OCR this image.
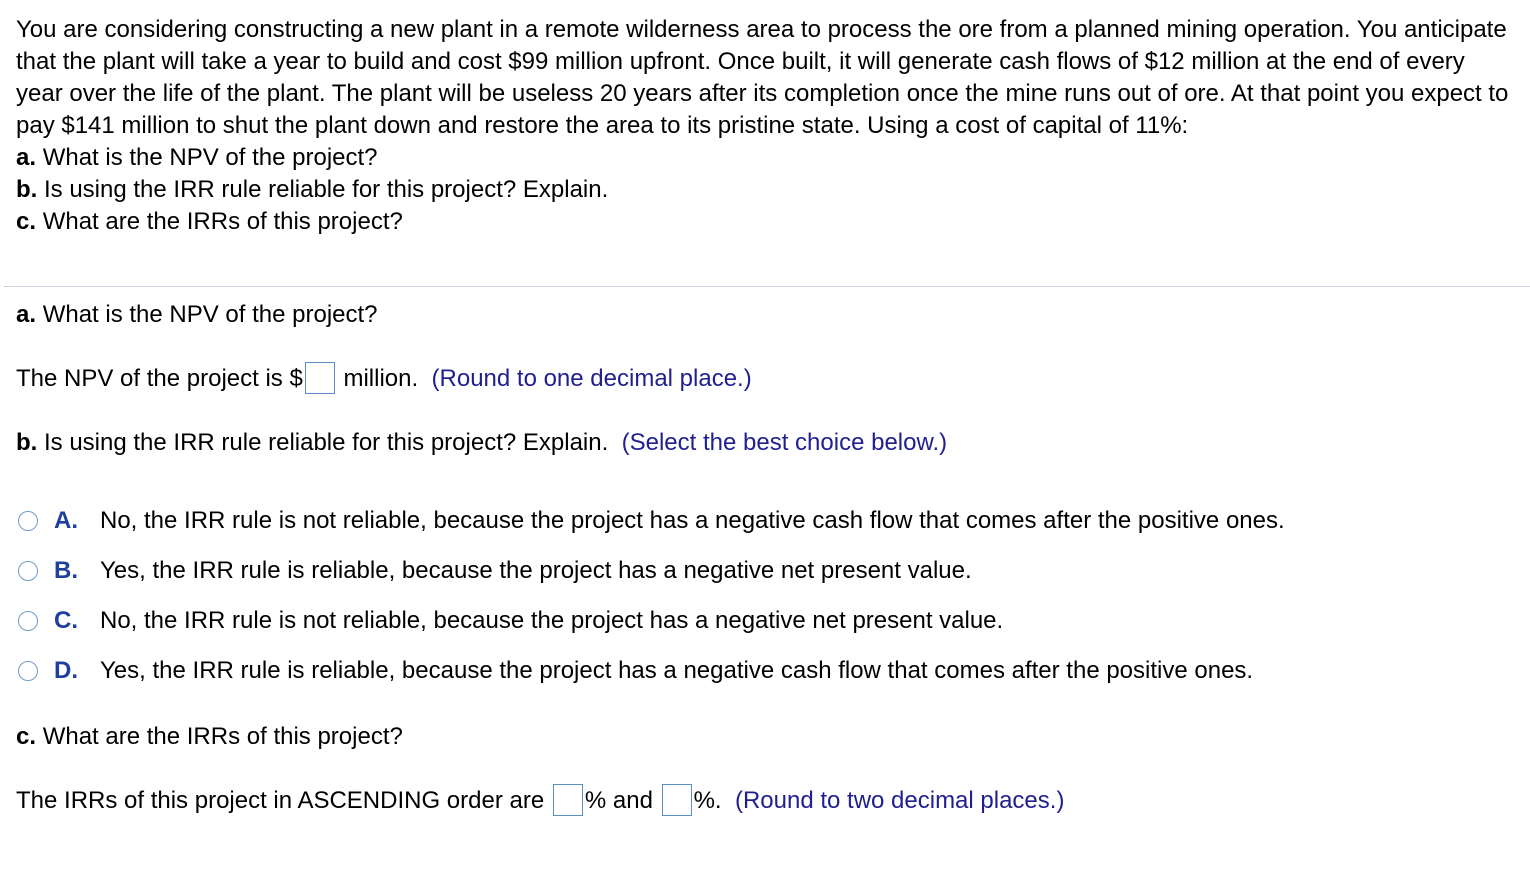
You are considering constructing a new plant in a remote wilderness area to process the ore from a planned mining operation. You anticipate that the plant will take a year to build and cost $99 million upfront. Once built, it will generate cash flows of $12 million at the end of every year over the life of the plant. The plant will be useless 20 years after its completion once the mine runs out of ore. At that point you expect to pay $141 million to shut the plant down and restore the area to its pristine state. Using a cost of capital of 11%:

a. What is the NPV of the project?
b. Is using the IRR rule reliable for this project? Explain.
c. What are the IRRs of this project?
a. What is the NPV of the project?
The NPV of the project is $ million. (Round to one decimal place.)
b. Is using the IRR rule reliable for this project? Explain. (Select the best choice below.)
A. No, the IRR rule is not reliable, because the project has a negative cash flow that comes after the positive ones.
B. Yes, the IRR rule is reliable, because the project has a negative net present value.
C. No, the IRR rule is not reliable, because the project has a negative net present value.
D. Yes, the IRR rule is reliable, because the project has a negative cash flow that comes after the positive ones.
c. What are the IRRs of this project?
The IRRs of this project in ASCENDING order are % and %. (Round to two decimal places.)
